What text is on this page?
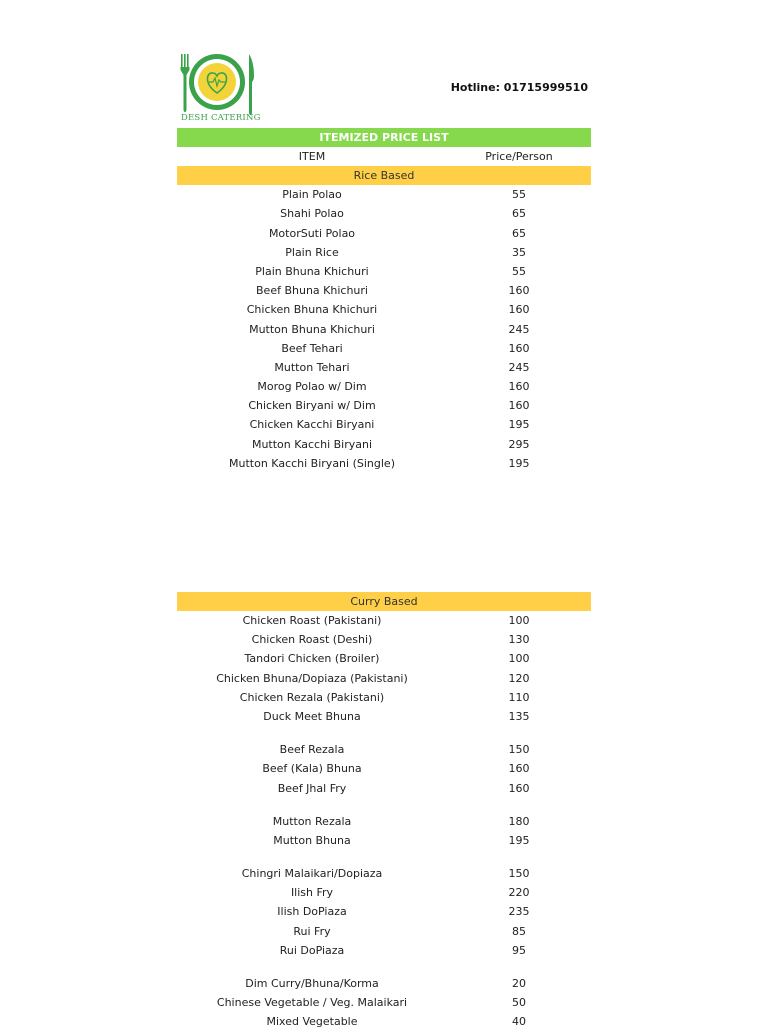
DESH CATERING
Hotline: 01715999510
ITEMIZED PRICE LIST
ITEM	Price/Person
Rice Based
Plain Polao	55
Shahi Polao	65
MotorSuti Polao	65
Plain Rice	35
Plain Bhuna Khichuri	55
Beef Bhuna Khichuri	160
Chicken Bhuna Khichuri	160
Mutton Bhuna Khichuri	245
Beef Tehari	160
Mutton Tehari	245
Morog Polao w/ Dim	160
Chicken Biryani w/ Dim	160
Chicken Kacchi Biryani	195
Mutton Kacchi Biryani	295
Mutton Kacchi Biryani (Single)	195
Curry Based
Chicken Roast (Pakistani)	100
Chicken Roast (Deshi)	130
Tandori Chicken (Broiler)	100
Chicken Bhuna/Dopiaza (Pakistani)	120
Chicken Rezala (Pakistani)	110
Duck Meet Bhuna	135
Beef Rezala	150
Beef (Kala) Bhuna	160
Beef Jhal Fry	160
Mutton Rezala	180
Mutton Bhuna	195
Chingri Malaikari/Dopiaza	150
Ilish Fry	220
Ilish DoPiaza	235
Rui Fry	85
Rui DoPiaza	95
Dim Curry/Bhuna/Korma	20
Chinese Vegetable / Veg. Malaikari	50
Mixed Vegetable	40
